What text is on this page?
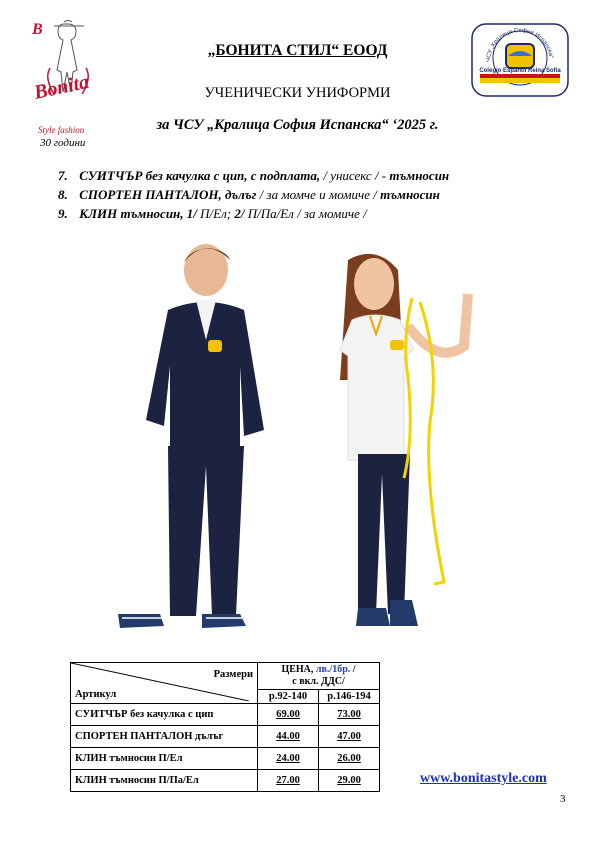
B
Bonita
Style fashion
30 години
ЧСУ „Кралица София Испанска“
Colegio Español Reina Sofía
„БОНИТА СТИЛ“ ЕООД
УЧЕНИЧЕСКИ УНИФОРМИ
за ЧСУ „Кралица София Испанска“ ‘2025 г.
7. СУИТЧЪР без качулка с цип, с подплата, / унисекс / - тъмносин
8. СПОРТЕН ПАНТАЛОН, дълъг / за момче и момиче / тъмносин
9. КЛИН тъмносин, 1/ П/Ел; 2/ П/Па/Ел / за момиче /
Размери
Артикул	ЦЕНА, лв./1бр. /
с вкл. ДДС/	
	р.92-140	р.146-194
СУИТЧЪР без качулка с цип	69.00	73.00
СПОРТЕН ПАНТАЛОН дълъг	44.00	47.00
КЛИН тъмносин П/Ел	24.00	26.00
КЛИН тъмносин П/Па/Ел	27.00	29.00	www.bonitastyle.com
3
